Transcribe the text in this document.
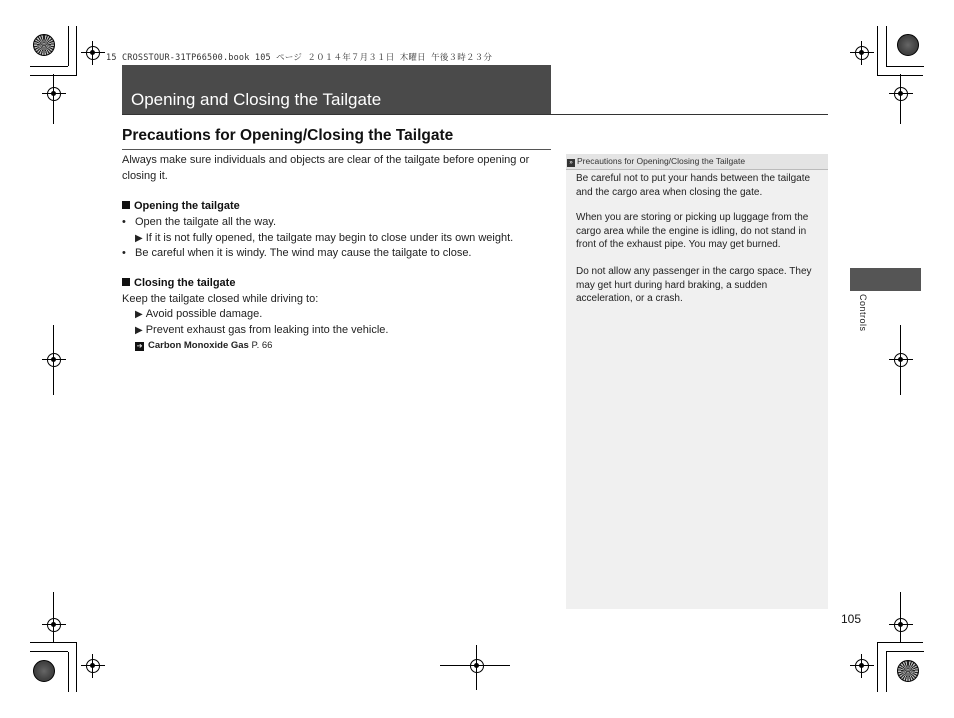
15 CROSSTOUR-31TP66500.book 105 ページ ２０１４年７月３１日 木曜日 午後３時２３分
Opening and Closing the Tailgate
Precautions for Opening/Closing the Tailgate
Always make sure individuals and objects are clear of the tailgate before opening or closing it.
Opening the tailgate
• Open the tailgate all the way.
▶ If it is not fully opened, the tailgate may begin to close under its own weight.
• Be careful when it is windy. The wind may cause the tailgate to close.
Closing the tailgate
Keep the tailgate closed while driving to:
▶ Avoid possible damage.
▶ Prevent exhaust gas from leaking into the vehicle.
➔ Carbon Monoxide Gas P. 66
» Precautions for Opening/Closing the Tailgate
Be careful not to put your hands between the tailgate and the cargo area when closing the gate.
When you are storing or picking up luggage from the cargo area while the engine is idling, do not stand in front of the exhaust pipe. You may get burned.
Do not allow any passenger in the cargo space. They may get hurt during hard braking, a sudden acceleration, or a crash.	Controls
105
